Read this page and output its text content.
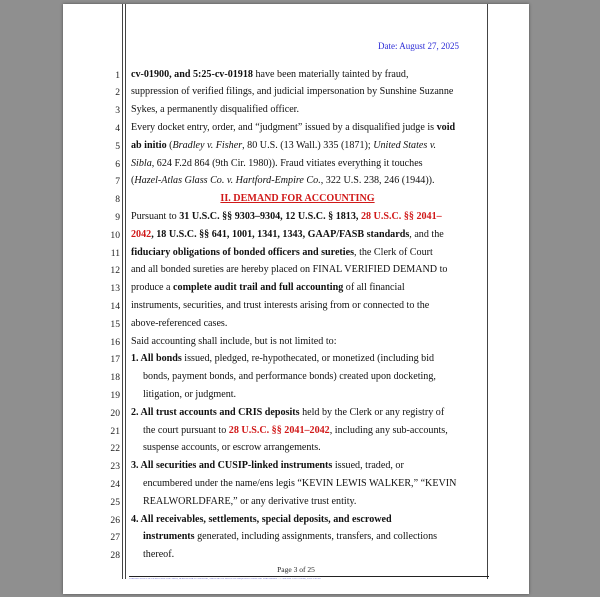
Date: August 27, 2025
1
2
3
4
5
6
7
8
9
10
11
12
13
14
15
16
17
18
19
20
21
22
23
24
25
26
27
28
cv-01900, and 5:25-cv-01918 have been materially tainted by fraud,
suppression of verified filings, and judicial impersonation by Sunshine Suzanne
Sykes, a permanently disqualified officer.
Every docket entry, order, and “judgment” issued by a disqualified judge is void
ab initio (Bradley v. Fisher, 80 U.S. (13 Wall.) 335 (1871); United States v.
Sibla, 624 F.2d 864 (9th Cir. 1980)). Fraud vitiates everything it touches
(Hazel-Atlas Glass Co. v. Hartford-Empire Co., 322 U.S. 238, 246 (1944)).
II. DEMAND FOR ACCOUNTING
Pursuant to 31 U.S.C. §§ 9303–9304, 12 U.S.C. § 1813, 28 U.S.C. §§ 2041–
2042, 18 U.S.C. §§ 641, 1001, 1341, 1343, GAAP/FASB standards, and the
fiduciary obligations of bonded officers and sureties, the Clerk of Court
and all bonded sureties are hereby placed on FINAL VERIFIED DEMAND to
produce a complete audit trail and full accounting of all financial
instruments, securities, and trust interests arising from or connected to the
above-referenced cases.
Said accounting shall include, but is not limited to:
1. All bonds issued, pledged, re-hypothecated, or monetized (including bid
bonds, payment bonds, and performance bonds) created upon docketing,
litigation, or judgment.
2. All trust accounts and CRIS deposits held by the Clerk or any registry of
the court pursuant to 28 U.S.C. §§ 2041–2042, including any sub-accounts,
suspense accounts, or escrow arrangements.
3. All securities and CUSIP-linked instruments issued, traded, or
encumbered under the name/ens legis “KEVIN LEWIS WALKER,” “KEVIN
REALWORLDFARE,” or any derivative trust entity.
4. All receivables, settlements, special deposits, and escrowed
instruments generated, including assignments, transfers, and collections
thereof.
Page 3 of 25
VERIFIED NOTICE OF FRAUD UPON THE COURT, DEMAND FOR ACCOUNTING, AND JUDICIAL NOTICE OF DISQUALIFICATION AND VOID ORDERS — CASE NOS. 5:25-CV-01900, 5:25-CV-01918
